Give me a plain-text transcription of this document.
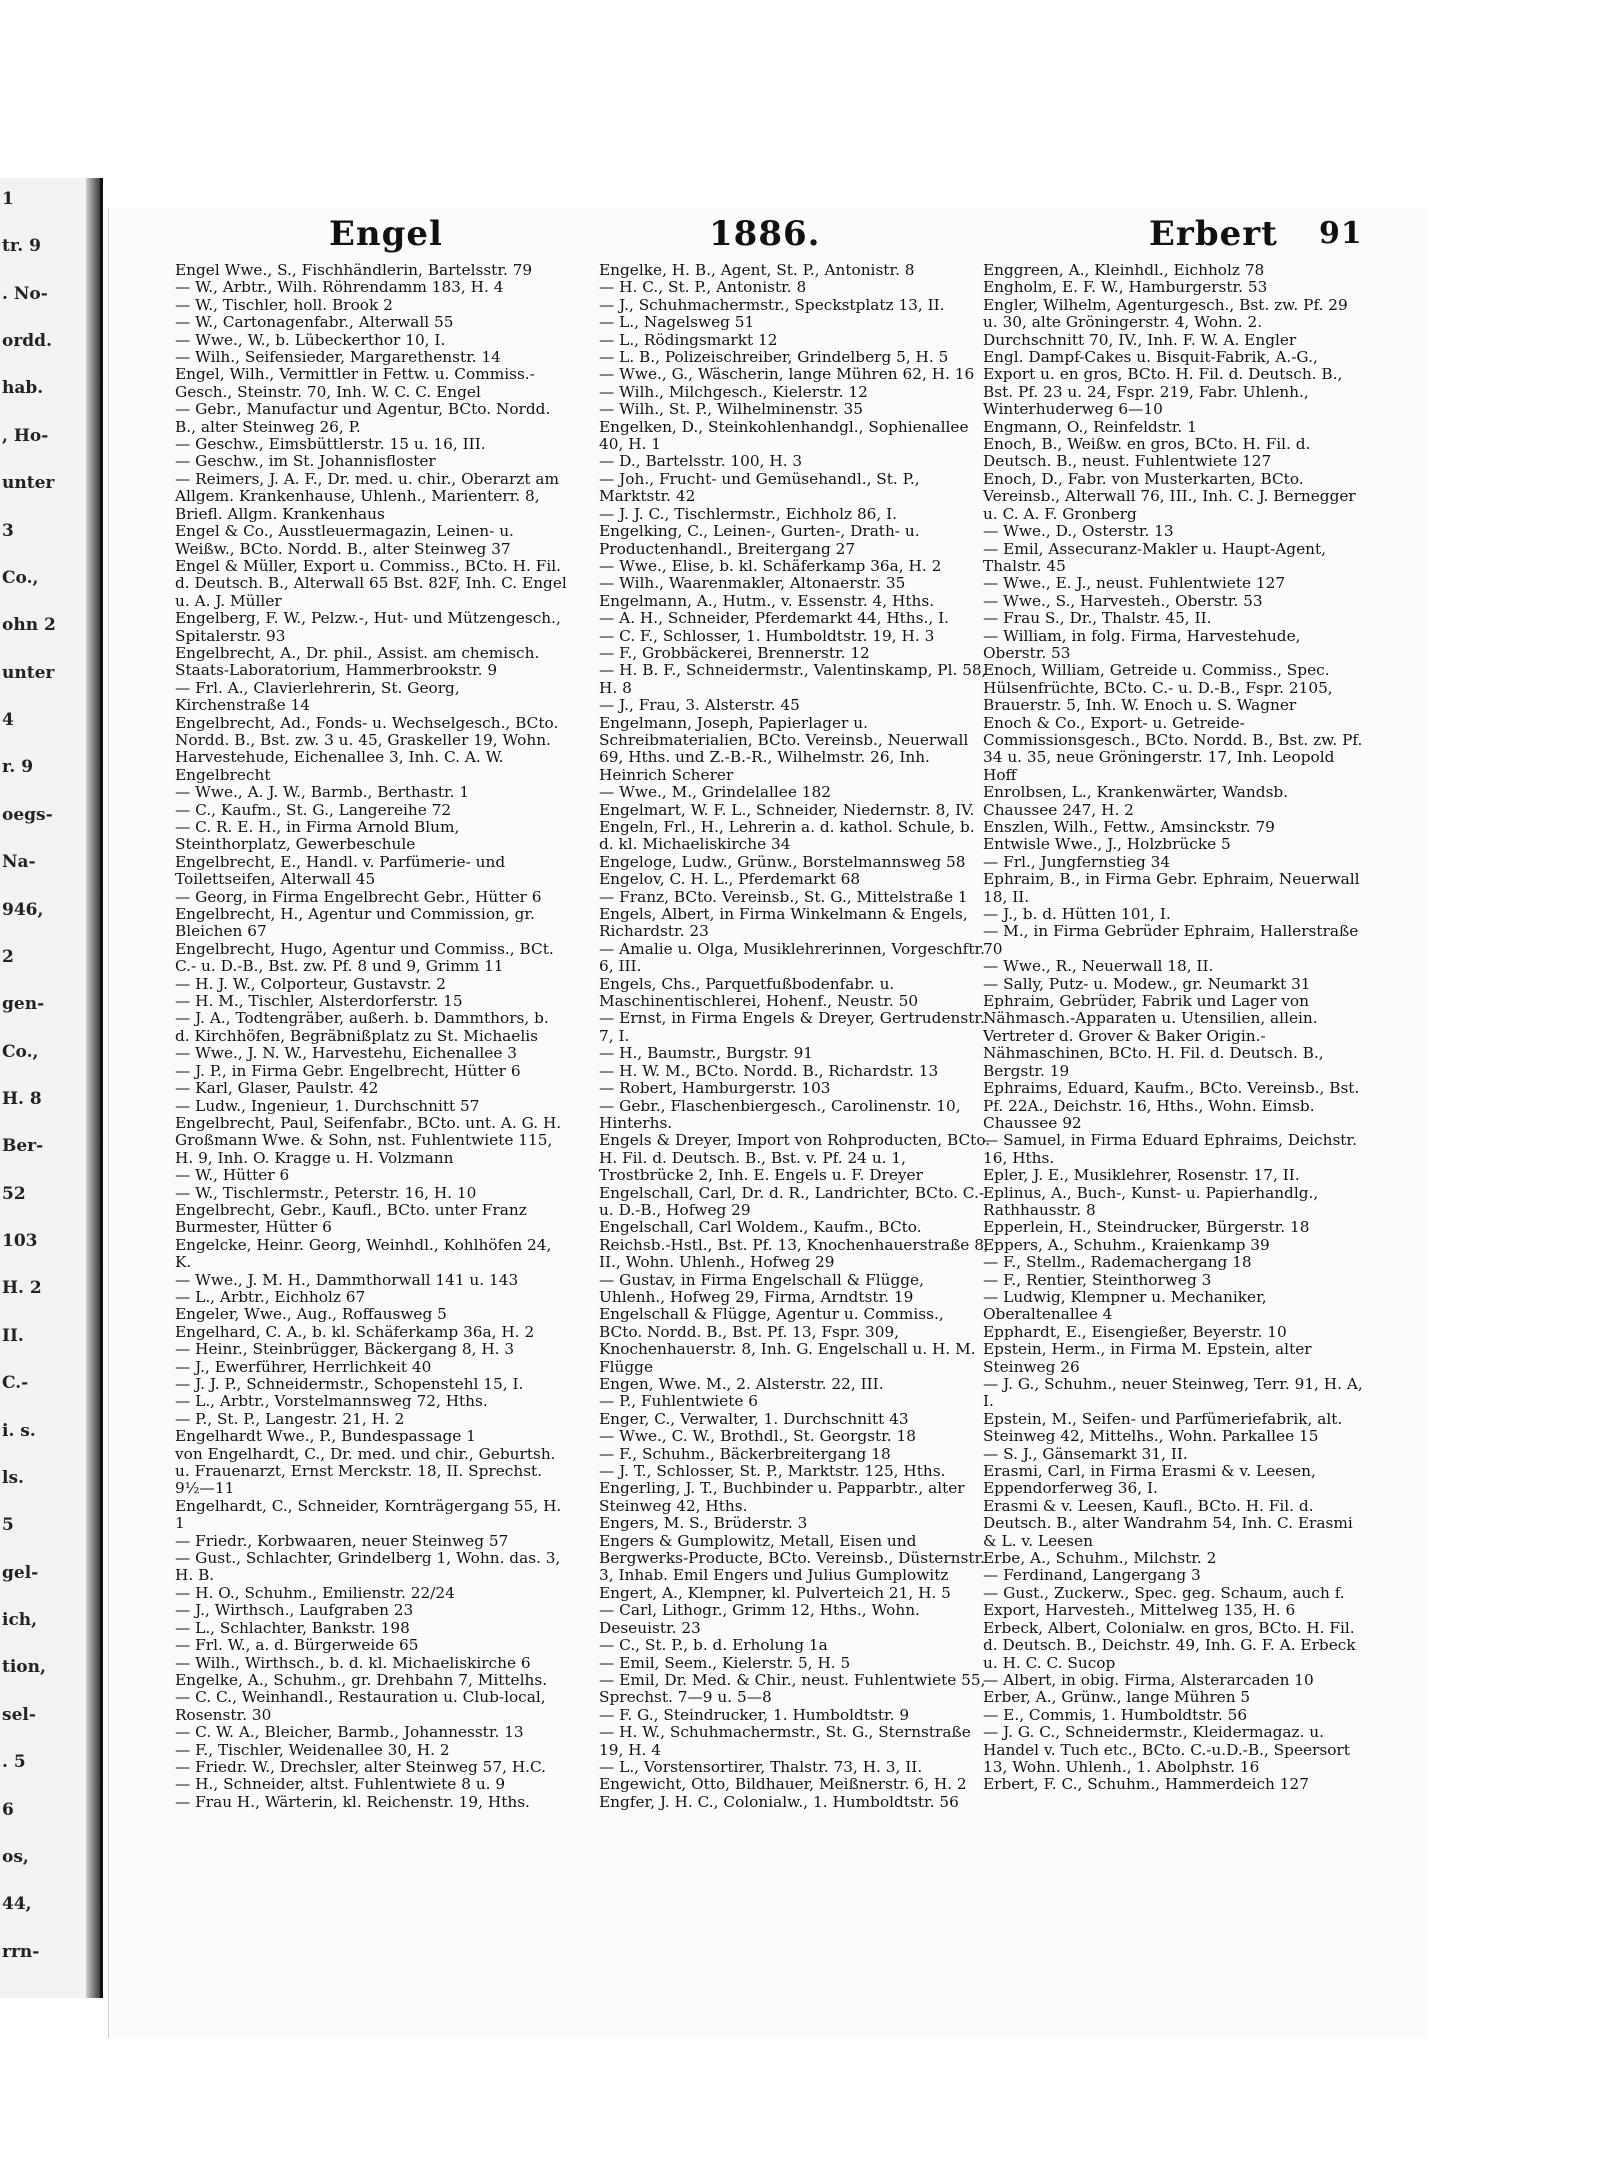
1
tr. 9
. No-
ordd.
hab.
, Ho-
unter
3
Co.,
ohn 2
unter
4
r. 9
oegs-
Na-
946,
2
gen-
Co.,
H. 8
Ber-
52
103
H. 2
II.
C.-
i. s.
ls.
5
gel-
ich,
tion,
sel-
. 5
6
os,
44,
rrn-
Engel	1886.	Erbert 91
Engel Wwe., S., Fischhändlerin, Bartelsstr. 79
— W., Arbtr., Wilh. Röhrendamm 183, H. 4
— W., Tischler, holl. Brook 2
— W., Cartonagenfabr., Alterwall 55
— Wwe., W., b. Lübeckerthor 10, I.
— Wilh., Seifensieder, Margarethenstr. 14
Engel, Wilh., Vermittler in Fettw. u. Commiss.-Gesch., Steinstr. 70, Inh. W. C. C. Engel
— Gebr., Manufactur und Agentur, BCto. Nordd. B., alter Steinweg 26, P.
— Geschw., Eimsbüttlerstr. 15 u. 16, III.
— Geschw., im St. Johannisfloster
— Reimers, J. A. F., Dr. med. u. chir., Oberarzt am Allgem. Krankenhause, Uhlenh., Marienterr. 8, Briefl. Allgm. Krankenhaus
Engel & Co., Ausstleuermagazin, Leinen- u. Weißw., BCto. Nordd. B., alter Steinweg 37
Engel & Müller, Export u. Commiss., BCto. H. Fil. d. Deutsch. B., Alterwall 65 Bst. 82F, Inh. C. Engel u. A. J. Müller
Engelberg, F. W., Pelzw.-, Hut- und Mützengesch., Spitalerstr. 93
Engelbrecht, A., Dr. phil., Assist. am chemisch. Staats-Laboratorium, Hammerbrookstr. 9
— Frl. A., Clavierlehrerin, St. Georg, Kirchenstraße 14
Engelbrecht, Ad., Fonds- u. Wechselgesch., BCto. Nordd. B., Bst. zw. 3 u. 45, Graskeller 19, Wohn. Harvestehude, Eichenallee 3, Inh. C. A. W. Engelbrecht
— Wwe., A. J. W., Barmb., Berthastr. 1
— C., Kaufm., St. G., Langereihe 72
— C. R. E. H., in Firma Arnold Blum, Steinthorplatz, Gewerbeschule
Engelbrecht, E., Handl. v. Parfümerie- und Toilettseifen, Alterwall 45
— Georg, in Firma Engelbrecht Gebr., Hütter 6
Engelbrecht, H., Agentur und Commission, gr. Bleichen 67
Engelbrecht, Hugo, Agentur und Commiss., BCt. C.- u. D.-B., Bst. zw. Pf. 8 und 9, Grimm 11
— H. J. W., Colporteur, Gustavstr. 2
— H. M., Tischler, Alsterdorferstr. 15
— J. A., Todtengräber, außerh. b. Dammthors, b. d. Kirchhöfen, Begräbnißplatz zu St. Michaelis
— Wwe., J. N. W., Harvestehu, Eichenallee 3
— J. P., in Firma Gebr. Engelbrecht, Hütter 6
— Karl, Glaser, Paulstr. 42
— Ludw., Ingenieur, 1. Durchschnitt 57
Engelbrecht, Paul, Seifenfabr., BCto. unt. A. G. H. Großmann Wwe. & Sohn, nst. Fuhlentwiete 115, H. 9, Inh. O. Kragge u. H. Volzmann
— W., Hütter 6
— W., Tischlermstr., Peterstr. 16, H. 10
Engelbrecht, Gebr., Kaufl., BCto. unter Franz Burmester, Hütter 6
Engelcke, Heinr. Georg, Weinhdl., Kohlhöfen 24, K.
— Wwe., J. M. H., Dammthorwall 141 u. 143
— L., Arbtr., Eichholz 67
Engeler, Wwe., Aug., Roffausweg 5
Engelhard, C. A., b. kl. Schäferkamp 36a, H. 2
— Heinr., Steinbrügger, Bäckergang 8, H. 3
— J., Ewerführer, Herrlichkeit 40
— J. J. P., Schneidermstr., Schopenstehl 15, I.
— L., Arbtr., Vorstelmannsweg 72, Hths.
— P., St. P., Langestr. 21, H. 2
Engelhardt Wwe., P., Bundespassage 1
von Engelhardt, C., Dr. med. und chir., Geburtsh. u. Frauenarzt, Ernst Merckstr. 18, II. Sprechst. 9½—11
Engelhardt, C., Schneider, Kornträgergang 55, H. 1
— Friedr., Korbwaaren, neuer Steinweg 57
— Gust., Schlachter, Grindelberg 1, Wohn. das. 3, H. B.
— H. O., Schuhm., Emilienstr. 22/24
— J., Wirthsch., Laufgraben 23
— L., Schlachter, Bankstr. 198
— Frl. W., a. d. Bürgerweide 65
— Wilh., Wirthsch., b. d. kl. Michaeliskirche 6
Engelke, A., Schuhm., gr. Drehbahn 7, Mittelhs.
— C. C., Weinhandl., Restauration u. Club-local, Rosenstr. 30
— C. W. A., Bleicher, Barmb., Johannesstr. 13
— F., Tischler, Weidenallee 30, H. 2
— Friedr. W., Drechsler, alter Steinweg 57, H.C.
— H., Schneider, altst. Fuhlentwiete 8 u. 9
— Frau H., Wärterin, kl. Reichenstr. 19, Hths.
Engelke, H. B., Agent, St. P., Antonistr. 8
— H. C., St. P., Antonistr. 8
— J., Schuhmachermstr., Speckstplatz 13, II.
— L., Nagelsweg 51
— L., Rödingsmarkt 12
— L. B., Polizeischreiber, Grindelberg 5, H. 5
— Wwe., G., Wäscherin, lange Mühren 62, H. 16
— Wilh., Milchgesch., Kielerstr. 12
— Wilh., St. P., Wilhelminenstr. 35
Engelken, D., Steinkohlenhandgl., Sophienallee 40, H. 1
— D., Bartelsstr. 100, H. 3
— Joh., Frucht- und Gemüsehandl., St. P., Marktstr. 42
— J. J. C., Tischlermstr., Eichholz 86, I.
Engelking, C., Leinen-, Gurten-, Drath- u. Productenhandl., Breitergang 27
— Wwe., Elise, b. kl. Schäferkamp 36a, H. 2
— Wilh., Waarenmakler, Altonaerstr. 35
Engelmann, A., Hutm., v. Essenstr. 4, Hths.
— A. H., Schneider, Pferdemarkt 44, Hths., I.
— C. F., Schlosser, 1. Humboldtstr. 19, H. 3
— F., Grobbäckerei, Brennerstr. 12
— H. B. F., Schneidermstr., Valentinskamp, Pl. 58, H. 8
— J., Frau, 3. Alsterstr. 45
Engelmann, Joseph, Papierlager u. Schreibmaterialien, BCto. Vereinsb., Neuerwall 69, Hths. und Z.-B.-R., Wilhelmstr. 26, Inh. Heinrich Scherer
— Wwe., M., Grindelallee 182
Engelmart, W. F. L., Schneider, Niedernstr. 8, IV.
Engeln, Frl., H., Lehrerin a. d. kathol. Schule, b. d. kl. Michaeliskirche 34
Engeloge, Ludw., Grünw., Borstelmannsweg 58
Engelov, C. H. L., Pferdemarkt 68
— Franz, BCto. Vereinsb., St. G., Mittelstraße 1
Engels, Albert, in Firma Winkelmann & Engels, Richardstr. 23
— Amalie u. Olga, Musiklehrerinnen, Vorgeschftr. 6, III.
Engels, Chs., Parquetfußbodenfabr. u. Maschinentischlerei, Hohenf., Neustr. 50
— Ernst, in Firma Engels & Dreyer, Gertrudenstr. 7, I.
— H., Baumstr., Burgstr. 91
— H. W. M., BCto. Nordd. B., Richardstr. 13
— Robert, Hamburgerstr. 103
— Gebr., Flaschenbiergesch., Carolinenstr. 10, Hinterhs.
Engels & Dreyer, Import von Rohproducten, BCto. H. Fil. d. Deutsch. B., Bst. v. Pf. 24 u. 1, Trostbrücke 2, Inh. E. Engels u. F. Dreyer
Engelschall, Carl, Dr. d. R., Landrichter, BCto. C.- u. D.-B., Hofweg 29
Engelschall, Carl Woldem., Kaufm., BCto. Reichsb.-Hstl., Bst. Pf. 13, Knochenhauerstraße 8, II., Wohn. Uhlenh., Hofweg 29
— Gustav, in Firma Engelschall & Flügge, Uhlenh., Hofweg 29, Firma, Arndtstr. 19
Engelschall & Flügge, Agentur u. Commiss., BCto. Nordd. B., Bst. Pf. 13, Fspr. 309, Knochenhauerstr. 8, Inh. G. Engelschall u. H. M. Flügge
Engen, Wwe. M., 2. Alsterstr. 22, III.
— P., Fuhlentwiete 6
Enger, C., Verwalter, 1. Durchschnitt 43
— Wwe., C. W., Brothdl., St. Georgstr. 18
— F., Schuhm., Bäckerbreitergang 18
— J. T., Schlosser, St. P., Marktstr. 125, Hths.
Engerling, J. T., Buchbinder u. Papparbtr., alter Steinweg 42, Hths.
Engers, M. S., Brüderstr. 3
Engers & Gumplowitz, Metall, Eisen und Bergwerks-Producte, BCto. Vereinsb., Düsternstr. 3, Inhab. Emil Engers und Julius Gumplowitz
Engert, A., Klempner, kl. Pulverteich 21, H. 5
— Carl, Lithogr., Grimm 12, Hths., Wohn. Deseuistr. 23
— C., St. P., b. d. Erholung 1a
— Emil, Seem., Kielerstr. 5, H. 5
— Emil, Dr. Med. & Chir., neust. Fuhlentwiete 55, Sprechst. 7—9 u. 5—8
— F. G., Steindrucker, 1. Humboldtstr. 9
— H. W., Schuhmachermstr., St. G., Sternstraße 19, H. 4
— L., Vorstensortirer, Thalstr. 73, H. 3, II.
Engewicht, Otto, Bildhauer, Meißnerstr. 6, H. 2
Engfer, J. H. C., Colonialw., 1. Humboldtstr. 56
Enggreen, A., Kleinhdl., Eichholz 78
Engholm, E. F. W., Hamburgerstr. 53
Engler, Wilhelm, Agenturgesch., Bst. zw. Pf. 29 u. 30, alte Gröningerstr. 4, Wohn. 2. Durchschnitt 70, IV., Inh. F. W. A. Engler
Engl. Dampf-Cakes u. Bisquit-Fabrik, A.-G., Export u. en gros, BCto. H. Fil. d. Deutsch. B., Bst. Pf. 23 u. 24, Fspr. 219, Fabr. Uhlenh., Winterhuderweg 6—10
Engmann, O., Reinfeldstr. 1
Enoch, B., Weißw. en gros, BCto. H. Fil. d. Deutsch. B., neust. Fuhlentwiete 127
Enoch, D., Fabr. von Musterkarten, BCto. Vereinsb., Alterwall 76, III., Inh. C. J. Bernegger u. C. A. F. Gronberg
— Wwe., D., Osterstr. 13
— Emil, Assecuranz-Makler u. Haupt-Agent, Thalstr. 45
— Wwe., E. J., neust. Fuhlentwiete 127
— Wwe., S., Harvesteh., Oberstr. 53
— Frau S., Dr., Thalstr. 45, II.
— William, in folg. Firma, Harvestehude, Oberstr. 53
Enoch, William, Getreide u. Commiss., Spec. Hülsenfrüchte, BCto. C.- u. D.-B., Fspr. 2105, Brauerstr. 5, Inh. W. Enoch u. S. Wagner
Enoch & Co., Export- u. Getreide-Commissionsgesch., BCto. Nordd. B., Bst. zw. Pf. 34 u. 35, neue Gröningerstr. 17, Inh. Leopold Hoff
Enrolbsen, L., Krankenwärter, Wandsb. Chaussee 247, H. 2
Enszlen, Wilh., Fettw., Amsinckstr. 79
Entwisle Wwe., J., Holzbrücke 5
— Frl., Jungfernstieg 34
Ephraim, B., in Firma Gebr. Ephraim, Neuerwall 18, II.
— J., b. d. Hütten 101, I.
— M., in Firma Gebrüder Ephraim, Hallerstraße 70
— Wwe., R., Neuerwall 18, II.
— Sally, Putz- u. Modew., gr. Neumarkt 31
Ephraim, Gebrüder, Fabrik und Lager von Nähmasch.-Apparaten u. Utensilien, allein. Vertreter d. Grover & Baker Origin.-Nähmaschinen, BCto. H. Fil. d. Deutsch. B., Bergstr. 19
Ephraims, Eduard, Kaufm., BCto. Vereinsb., Bst. Pf. 22A., Deichstr. 16, Hths., Wohn. Eimsb. Chaussee 92
— Samuel, in Firma Eduard Ephraims, Deichstr. 16, Hths.
Epler, J. E., Musiklehrer, Rosenstr. 17, II.
Eplinus, A., Buch-, Kunst- u. Papierhandlg., Rathhausstr. 8
Epperlein, H., Steindrucker, Bürgerstr. 18
Eppers, A., Schuhm., Kraienkamp 39
— F., Stellm., Rademachergang 18
— F., Rentier, Steinthorweg 3
— Ludwig, Klempner u. Mechaniker, Oberaltenallee 4
Epphardt, E., Eisengießer, Beyerstr. 10
Epstein, Herm., in Firma M. Epstein, alter Steinweg 26
— J. G., Schuhm., neuer Steinweg, Terr. 91, H. A, I.
Epstein, M., Seifen- und Parfümeriefabrik, alt. Steinweg 42, Mittelhs., Wohn. Parkallee 15
— S. J., Gänsemarkt 31, II.
Erasmi, Carl, in Firma Erasmi & v. Leesen, Eppendorferweg 36, I.
Erasmi & v. Leesen, Kaufl., BCto. H. Fil. d. Deutsch. B., alter Wandrahm 54, Inh. C. Erasmi & L. v. Leesen
Erbe, A., Schuhm., Milchstr. 2
— Ferdinand, Langergang 3
— Gust., Zuckerw., Spec. geg. Schaum, auch f. Export, Harvesteh., Mittelweg 135, H. 6
Erbeck, Albert, Colonialw. en gros, BCto. H. Fil. d. Deutsch. B., Deichstr. 49, Inh. G. F. A. Erbeck u. H. C. C. Sucop
— Albert, in obig. Firma, Alsterarcaden 10
Erber, A., Grünw., lange Mühren 5
— E., Commis, 1. Humboldtstr. 56
— J. G. C., Schneidermstr., Kleidermagaz. u. Handel v. Tuch etc., BCto. C.-u.D.-B., Speersort 13, Wohn. Uhlenh., 1. Abolphstr. 16
Erbert, F. C., Schuhm., Hammerdeich 127
